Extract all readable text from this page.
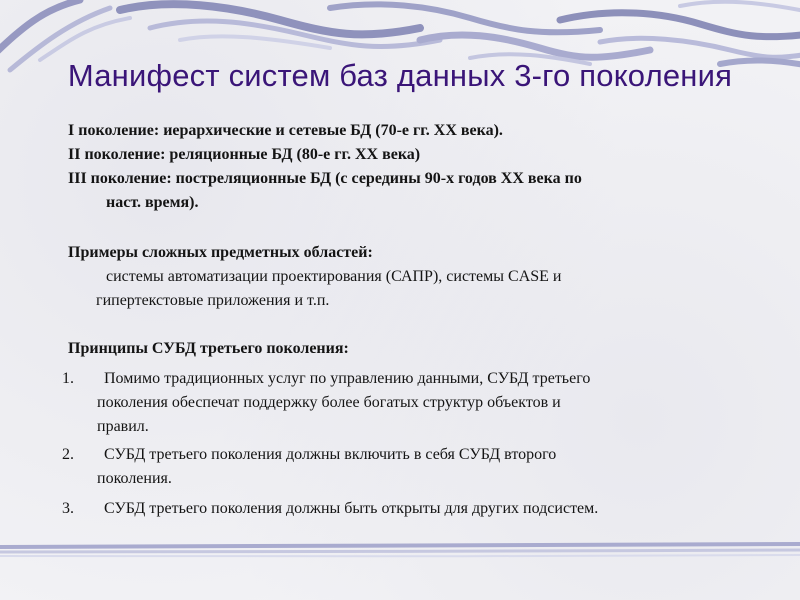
Манифест систем баз данных 3-го поколения
I поколение: иерархические и сетевые БД (70-е гг. XX века).
II поколение: реляционные БД (80-е гг. XX века)
III поколение: постреляционные БД (с середины 90-х годов XX века по
наст. время).
Примеры сложных предметных областей:
системы автоматизации проектирования (САПР), системы CASE и
гипертекстовые приложения и т.п.
Принципы СУБД третьего поколения:
1. Помимо традиционных услуг по управлению данными, СУБД третьего
поколения обеспечат поддержку более богатых структур объектов и
правил.
2. СУБД третьего поколения должны включить в себя СУБД второго
поколения.
3. СУБД третьего поколения должны быть открыты для других подсистем.
